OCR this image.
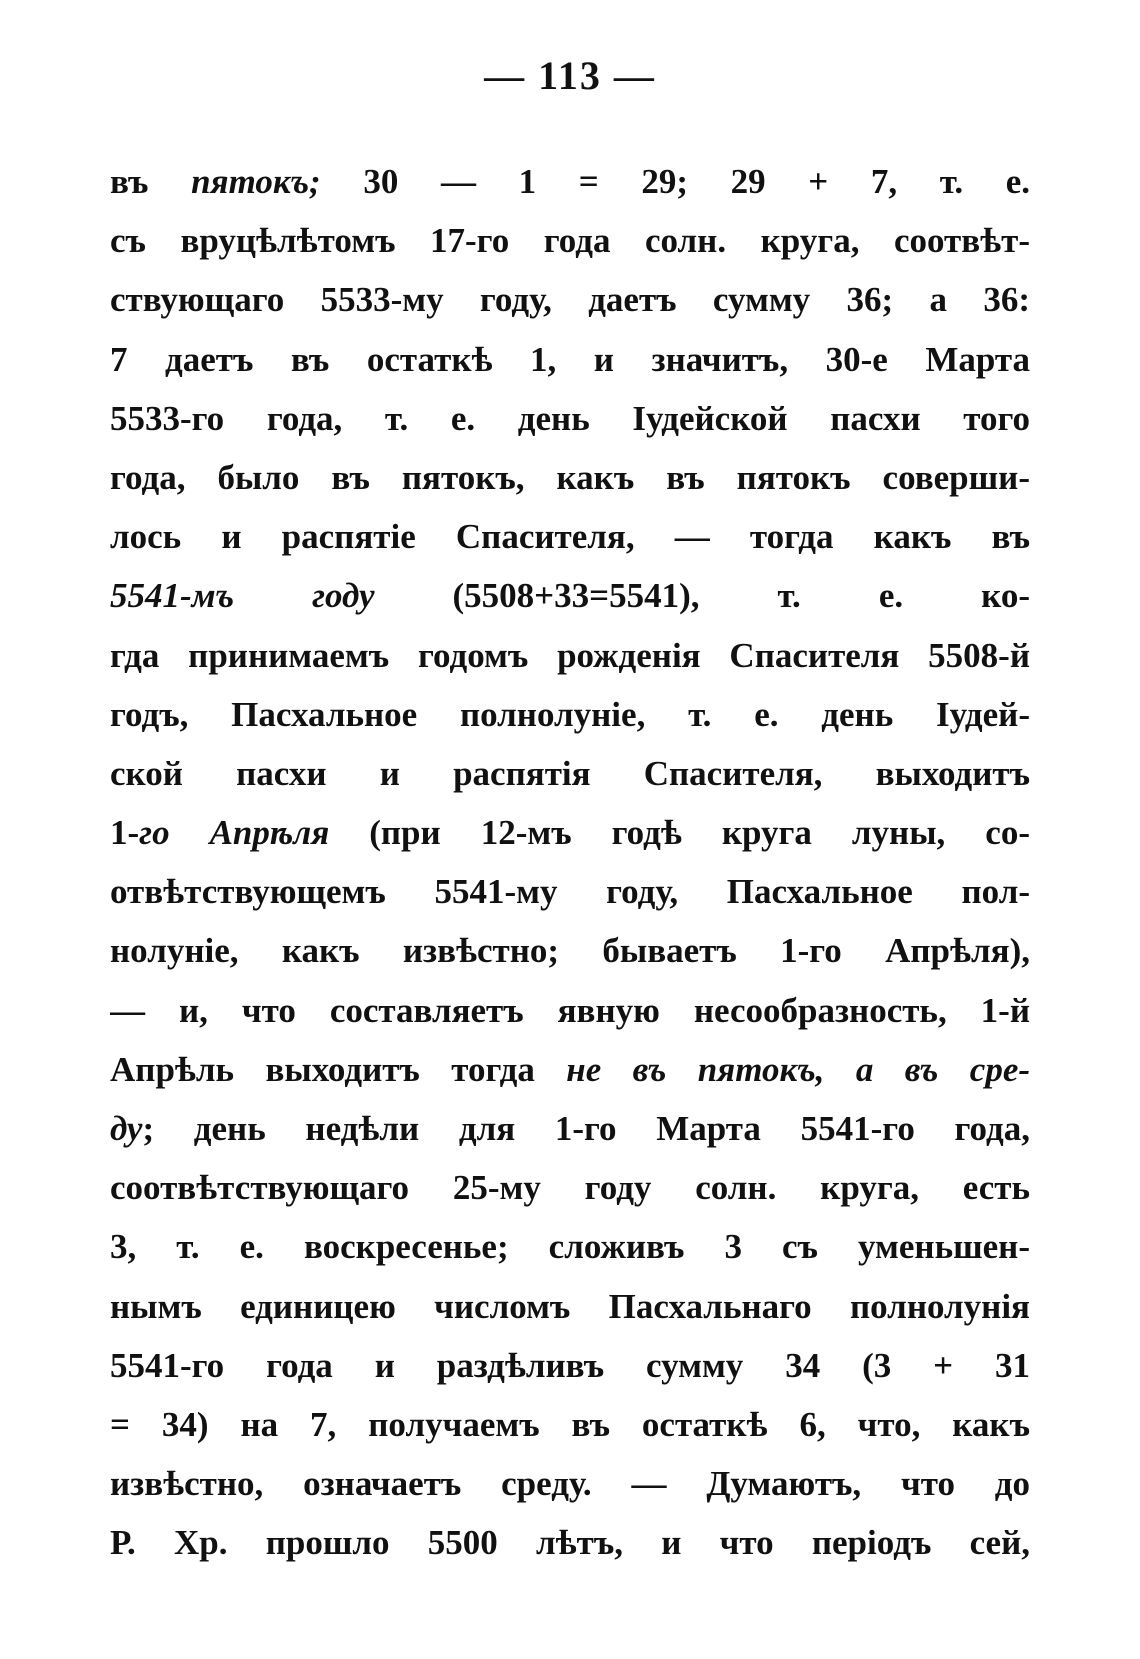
— 113 —
въ пятокъ; 30 — 1 = 29; 29 + 7, т. е.
съ вруцѣлѣтомъ 17-го года солн. круга, соотвѣт-
ствующаго 5533-му году, даетъ сумму 36; а 36:
7 даетъ въ остаткѣ 1, и значитъ, 30-е Марта
5533-го года, т. е. день Іудейской пасхи того
года, было въ пятокъ, какъ въ пятокъ соверши-
лось и распятіе Спасителя, — тогда какъ въ
5541-мъ году (5508+33=5541), т. е. ко-
гда принимаемъ годомъ рожденія Спасителя 5508-й
годъ, Пасхальное полнолуніе, т. е. день Іудей-
ской пасхи и распятія Спасителя, выходитъ
1-го Апрѣля (при 12-мъ годѣ круга луны, со-
отвѣтствующемъ 5541-му году, Пасхальное пол-
нолуніе, какъ извѣстно; бываетъ 1-го Апрѣля),
— и, что составляетъ явную несообразность, 1-й
Апрѣль выходитъ тогда не въ пятокъ, а въ сре-
ду; день недѣли для 1-го Марта 5541-го года,
соотвѣтствующаго 25-му году солн. круга, есть
3, т. е. воскресенье; сложивъ 3 съ уменьшен-
нымъ единицею числомъ Пасхальнаго полнолунія
5541-го года и раздѣливъ сумму 34 (3 + 31
= 34) на 7, получаемъ въ остаткѣ 6, что, какъ
извѣстно, означаетъ среду. — Думаютъ, что до
Р. Хр. прошло 5500 лѣтъ, и что періодъ сей,
